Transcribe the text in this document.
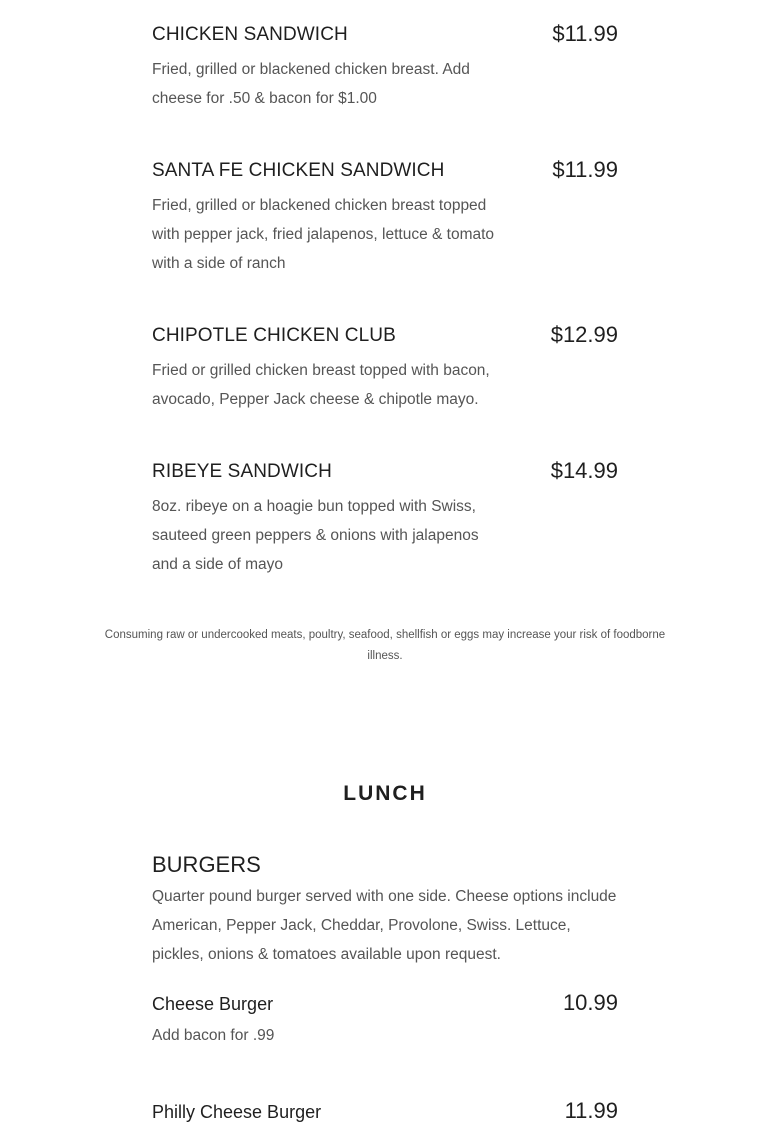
CHICKEN SANDWICH	$11.99
Fried, grilled or blackened chicken breast. Add cheese for .50 & bacon for $1.00
SANTA FE CHICKEN SANDWICH	$11.99
Fried, grilled or blackened chicken breast topped with pepper jack, fried jalapenos, lettuce & tomato with a side of ranch
CHIPOTLE CHICKEN CLUB	$12.99
Fried or grilled chicken breast topped with bacon, avocado, Pepper Jack cheese & chipotle mayo.
RIBEYE SANDWICH	$14.99
8oz. ribeye on a hoagie bun topped with Swiss, sauteed green peppers & onions with jalapenos and a side of mayo
Consuming raw or undercooked meats, poultry, seafood, shellfish or eggs may increase your risk of foodborne illness.
LUNCH
BURGERS
Quarter pound burger served with one side. Cheese options include American, Pepper Jack, Cheddar, Provolone, Swiss. Lettuce, pickles, onions & tomatoes available upon request.
Cheese Burger	10.99
Add bacon for .99
Philly Cheese Burger	11.99
